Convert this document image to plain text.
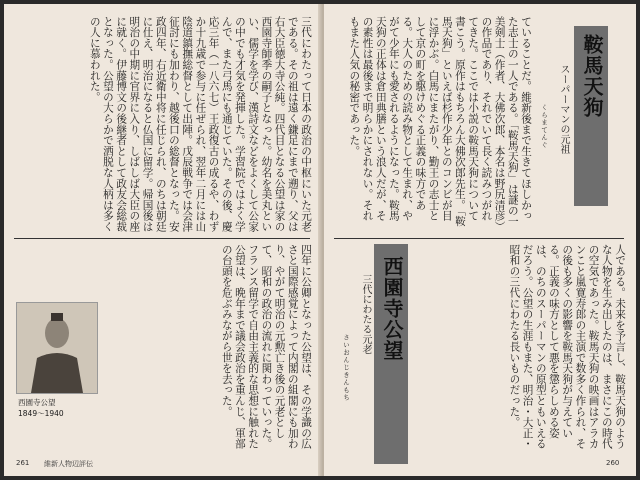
三代にわたって日本の政治の中枢にいた元老である。その祖は遠く鎌足にまで遡り、父は右大臣徳大寺公純。四代目となる公望は家の西園寺師季の嗣子となった。幼名を美丸といい、儒学を学び、漢詩文などをよくして公家の中でも才気を発揮した。学習院ではよく学んで、また弓馬にも通じていた。その後、慶応三年（一八六七）王政復古の成るや、わずか十九歳で参与に任ぜられ、翌年二月には山陰道鎮撫総督として出陣。戊辰戦争では会津征討にも加わり、越後口の総督となった。安政四年、右近衛中将に任じられ、のちは朝廷に仕え、明治になると仏国に留学。帰国後は明治の中期に官界に入り、しばしば大臣の座に就く。伊藤博文の後継者として政友会総裁となった。公望の大らかで洒脱な人柄は多くの人に慕われた。
四年に公卿となった公望は、その学識の広さと国際感覚によって内閣の組閣にも加わり、やがて明治の元勲亡き後の元老として、昭和の政治の流れに関わっていった。フランス留学で自由主義的な思想に触れた公望は、晩年まで議会政治を重んじ、軍部の台頭を危ぶみながら世を去った。
西園寺公望
1849〜1940
261 維新人物辺評伝
スーパーマンの元祖 鞍馬天狗
くらまてんぐ
ていることだ。維新後まで生きてほしかった志士の一人である。「鞍馬天狗」は謎の一美剣士（作者、大佛次郎、本名は野尻清彦）の作品であり、それでいて長く読みつがれてきた。ここでは小説の鞍馬天狗について書こう。原作はもちろん大佛次郎先生。「鞍馬天狗」といえば杉作少年とのコンビが目に浮かぶ。白馬にまたがり、勤王の志士として京の町を駆けめぐる正義の味方である。大人のための読み物として生まれ、やがて少年にも愛されるようになった。鞍馬天狗の正体は倉田典膳という浪人だが、その素性は最後まで明らかにされない。それもまた人気の秘密であった。
三代にわたる元老 西園寺公望
さいおんじきんもち	人である。未来を予言し、鞍馬天狗のような人物を生み出したのは、まさにこの時代の空気であった。鞍馬天狗の映画はアラカンこと嵐寛寿郎の主演で数多く作られ、その後も多くの影響を鞍馬天狗が与えている。正義の味方として悪を懲らしめる姿は、のちのスーパーマンの原型ともいえるだろう。公望の生涯もまた、明治・大正・昭和の三代にわたる長いものだった。
260
